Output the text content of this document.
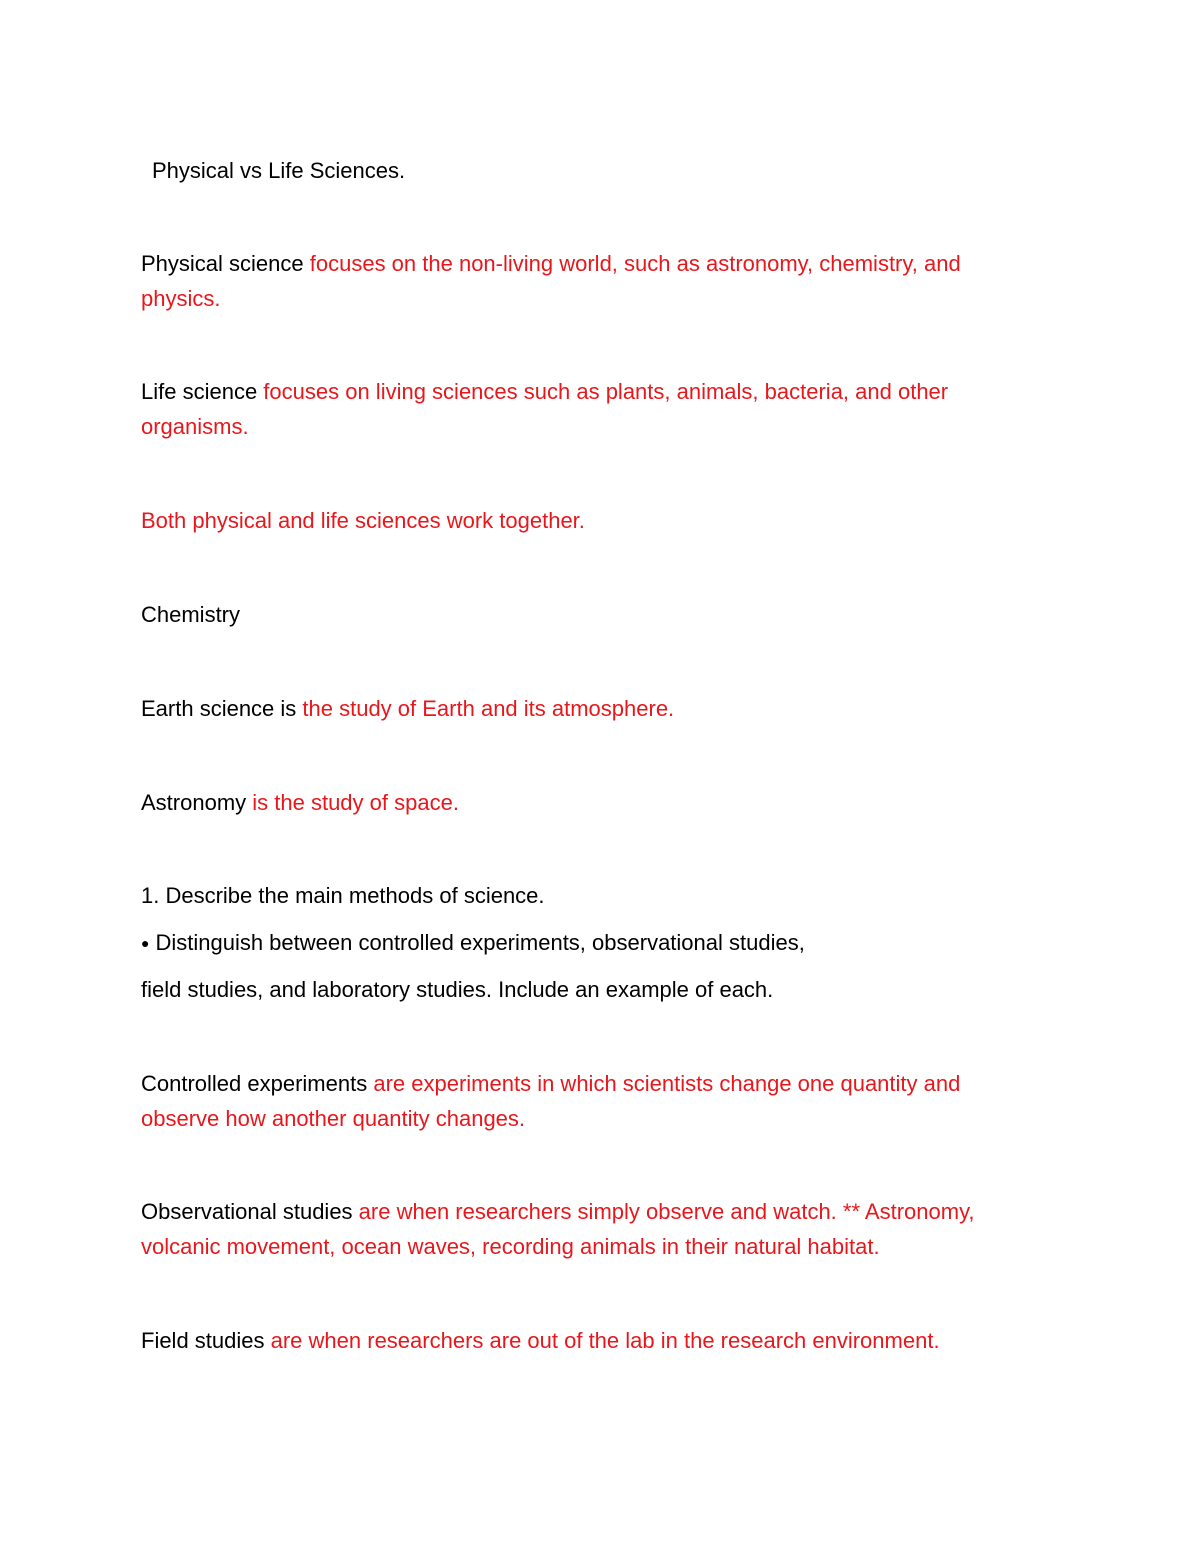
Physical vs Life Sciences.
Physical science focuses on the non-living world, such as astronomy, chemistry, and
physics.
Life science focuses on living sciences such as plants, animals, bacteria, and other
organisms.
Both physical and life sciences work together.
Chemistry
Earth science is the study of Earth and its atmosphere.
Astronomy is the study of space.
1. Describe the main methods of science.
● Distinguish between controlled experiments, observational studies,
field studies, and laboratory studies. Include an example of each.
Controlled experiments are experiments in which scientists change one quantity and
observe how another quantity changes.
Observational studies are when researchers simply observe and watch. ** Astronomy,
volcanic movement, ocean waves, recording animals in their natural habitat.
Field studies are when researchers are out of the lab in the research environment.
